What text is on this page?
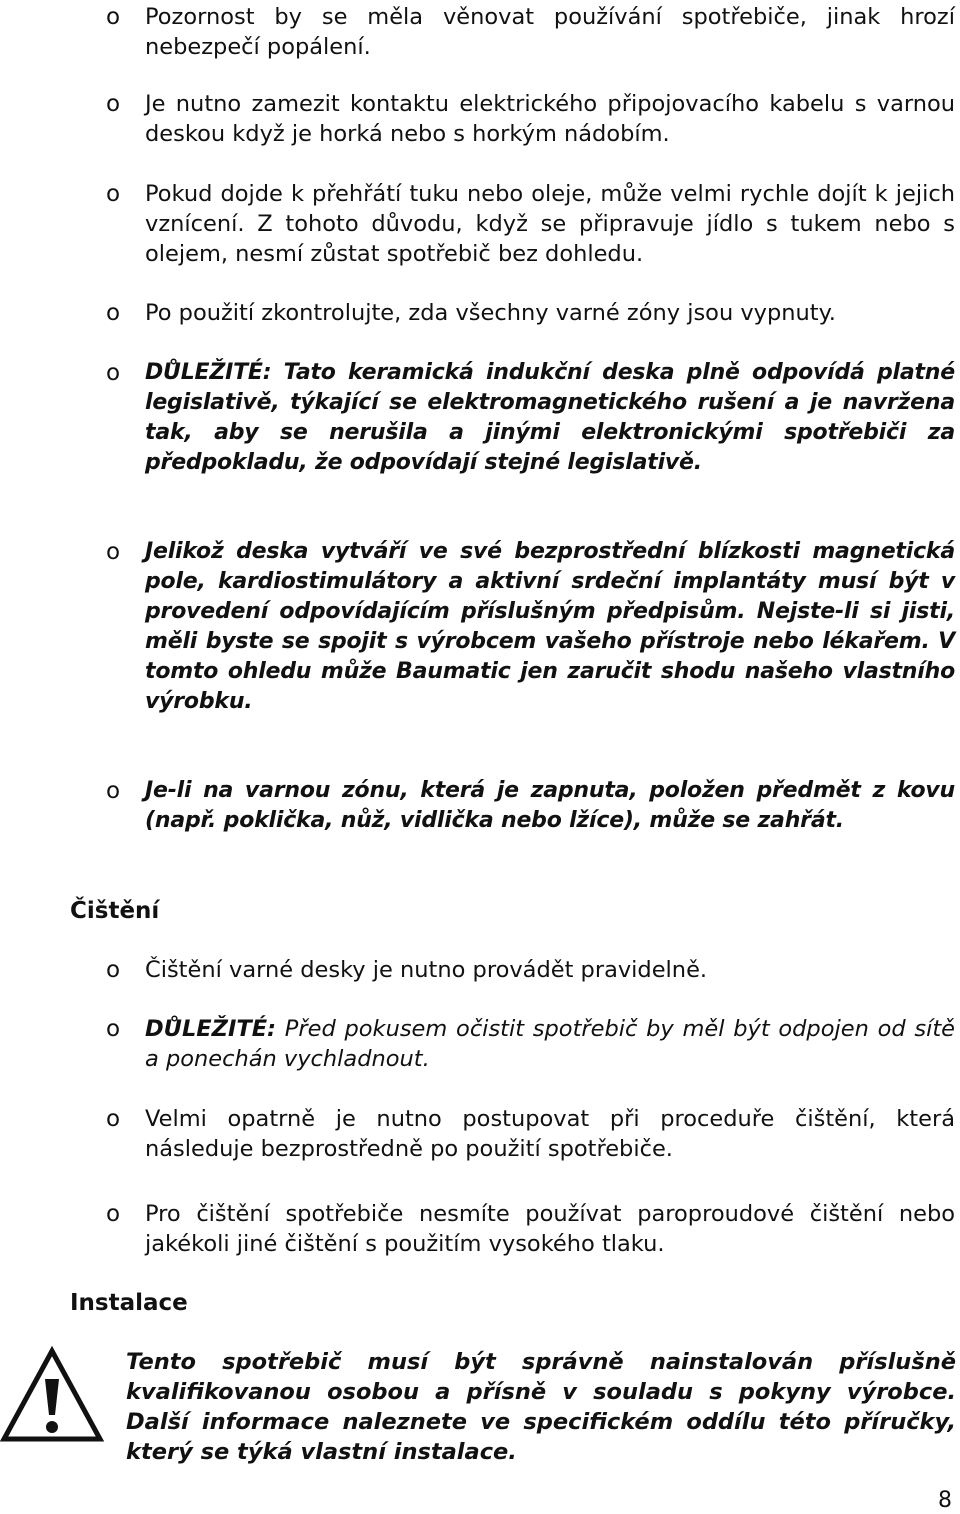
o Pozornost by se měla věnovat používání spotřebiče, jinak hrozí nebezpečí popálení.
o Je nutno zamezit kontaktu elektrického připojovacího kabelu s varnou deskou když je horká nebo s horkým nádobím.
o Pokud dojde k přehřátí tuku nebo oleje, může velmi rychle dojít k jejich vznícení. Z tohoto důvodu, když se připravuje jídlo s tukem nebo s olejem, nesmí zůstat spotřebič bez dohledu.
o Po použití zkontrolujte, zda všechny varné zóny jsou vypnuty.
o DŮLEŽITÉ: Tato keramická indukční deska plně odpovídá platné legislativě, týkající se elektromagnetického rušení a je navržena tak, aby se nerušila a jinými elektronickými spotřebiči za předpokladu, že odpovídají stejné legislativě.
o Jelikož deska vytváří ve své bezprostřední blízkosti magnetická pole, kardiostimulátory a aktivní srdeční implantáty musí být v provedení odpovídajícím příslušným předpisům. Nejste-li si jisti, měli byste se spojit s výrobcem vašeho přístroje nebo lékařem. V tomto ohledu může Baumatic jen zaručit shodu našeho vlastního výrobku.
o Je-li na varnou zónu, která je zapnuta, položen předmět z kovu (např. poklička, nůž, vidlička nebo lžíce), může se zahřát.
Čištění
o Čištění varné desky je nutno provádět pravidelně.
o DŮLEŽITÉ: Před pokusem očistit spotřebič by měl být odpojen od sítě a ponechán vychladnout.
o Velmi opatrně je nutno postupovat při proceduře čištění, která následuje bezprostředně po použití spotřebiče.
o Pro čištění spotřebiče nesmíte používat paroproudové čištění nebo jakékoli jiné čištění s použitím vysokého tlaku.
Instalace
Tento spotřebič musí být správně nainstalován příslušně kvalifikovanou osobou a přísně v souladu s pokyny výrobce. Další informace naleznete ve specifickém oddílu této příručky, který se týká vlastní instalace.
8
